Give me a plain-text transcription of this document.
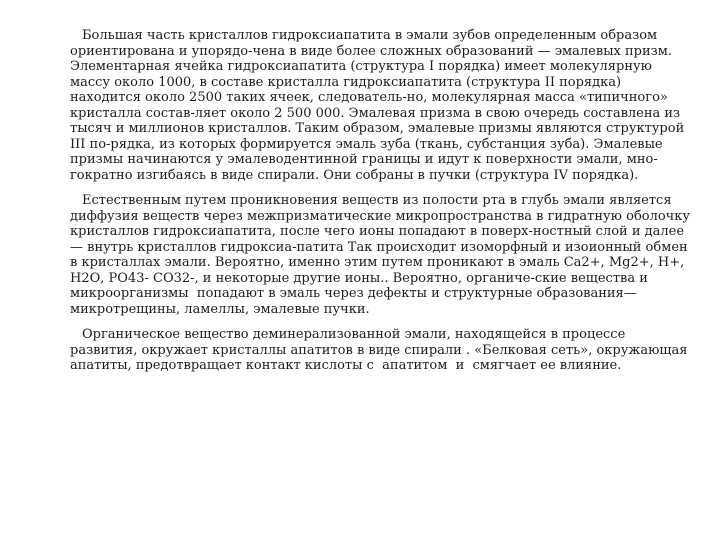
Большая часть кристаллов гидроксиапатита в эмали зубов определенным образом ориентирована и упорядо-чена в виде более сложных образований — эмалевых призм. Элементарная ячейка гидроксиапатита (структура I порядка) имеет молекулярную массу около 1000, в составе кристалла гидроксиапатита (структура II порядка) находится около 2500 таких ячеек, следователь-но, молекулярная масса «типичного» кристалла состав-ляет около 2 500 000. Эмалевая призма в свою очередь составлена из тысяч и миллионов кристаллов. Таким образом, эмалевые призмы являются структурой III по-рядка, из которых формируется эмаль зуба (ткань, субстанция зуба). Эмалевые призмы начинаются у эмалеводентинной границы и идут к поверхности эмали, мно-гократно изгибаясь в виде спирали. Они собраны в пучки (структура IV порядка).

Естественным путем проникновения веществ из полости рта в глубь эмали является диффузия веществ через межпризматические микропространства в гидратную оболочку кристаллов гидроксиапатита, после чего ионы попадают в поверх-ностный слой и далее — внутрь кристаллов гидроксиа-патита Так происходит изоморфный и изоионный обмен в кристаллах эмали. Вероятно, именно этим путем проникают в эмаль Са2+, Mg2+, Н+, Н2О, РО43- СО32-, и некоторые другие ионы.. Вероятно, органиче-ские вещества и микроорганизмы  попадают в эмаль через дефекты и структурные образования— микротрещины, ламеллы, эмалевые пучки.

Органическое вещество деминерализованной эмали, находящейся в процессе развития, окружает кристаллы апатитов в виде спирали . «Белковая сеть», окружающая апатиты, предотвращает контакт кислоты с  апатитом  и  смягчает ее влияние.
